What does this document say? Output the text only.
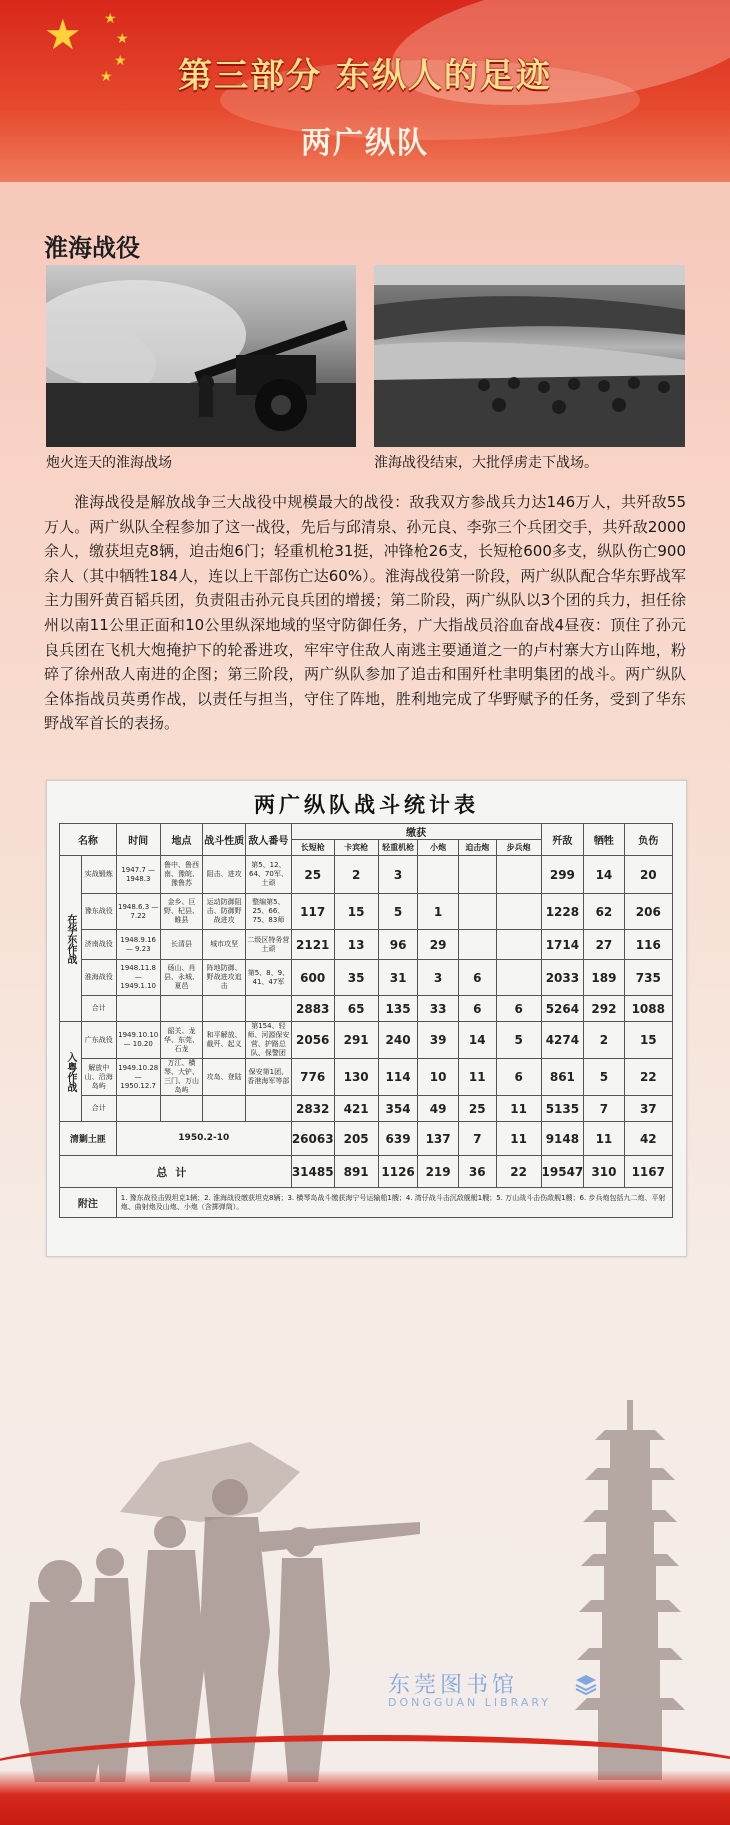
★ ★
★
★
★	第三部分 东纵人的足迹
两广纵队
淮海战役
炮火连天的淮海战场	淮海战役结束，大批俘虏走下战场。
淮海战役是解放战争三大战役中规模最大的战役：敌我双方参战兵力达146万人，共歼敌55万人。两广纵队全程参加了这一战役，先后与邱清泉、孙元良、李弥三个兵团交手，共歼敌2000余人，缴获坦克8辆，迫击炮6门；轻重机枪31挺，冲锋枪26支，长短枪600多支，纵队伤亡900余人（其中牺牲184人，连以上干部伤亡达60%）。淮海战役第一阶段，两广纵队配合华东野战军主力围歼黄百韬兵团，负责阻击孙元良兵团的增援；第二阶段，两广纵队以3个团的兵力，担任徐州以南11公里正面和10公里纵深地域的坚守防御任务，广大指战员浴血奋战4昼夜：顶住了孙元良兵团在飞机大炮掩护下的轮番进攻，牢牢守住敌人南逃主要通道之一的卢村寨大方山阵地，粉碎了徐州敌人南进的企图；第三阶段，两广纵队参加了追击和围歼杜聿明集团的战斗。两广纵队全体指战员英勇作战，以责任与担当，守住了阵地，胜利地完成了华野赋予的任务，受到了华东野战军首长的表扬。
两广纵队战斗统计表
名称		时间	地点	战斗性质	敌人番号	缴获						歼敌	牺牲	负伤
						长短枪	卡宾枪	轻重机枪	小炮	迫击炮	步兵炮			
在华东作战	实战锻炼	1947.7 — 1948.3	鲁中、鲁西南、豫皖、豫鲁苏	阻击、进攻	第5、12、64、70军、土顽	25	2	3				299	14	20
	豫东战役	1948.6.3 — 7.22	金乡、巨野、杞县、睢县	运动防御阻击、防御野战进攻	整编第5、25、66、75、83师	117	15	5	1			1228	62	206
	济南战役	1948.9.16 — 9.23	长清县	城市攻坚	二级区特务营土顽	2121	13	96	29			1714	27	116
	淮海战役	1948.11.8 — 1949.1.10	砀山、肖县、永城、夏邑	阵地防御、野战进攻追击	第5、8、9、41、47军	600	35	31	3	6		2033	189	735
	合计					2883	65	135	33	6	6	5264	292	1088
入粤作战	广东战役	1949.10.10 — 10.20	韶关、龙华、东莞、石龙	和平解放、截歼、起义	第154、轻师、河源保安营、护路总队、保警团	2056	291	240	39	14	5	4274	2	15
	解放中山、沿海岛屿	1949.10.28 — 1950.12.7	万江、横琴、大铲、三门、万山岛屿	攻岛、登陆	保安第1团、香港海军等部	776	130	114	10	11	6	861	5	22
	合计					2832	421	354	49	25	11	5135	7	37
清剿土匪		1950.2-10				26063	205	639	137	7	11	9148	11	42
总计						31485	891	1126	219	36	22	19547	310	1167
附注		1. 豫东战役击毁坦克1辆；2. 淮海战役缴获坦克8辆；3. 横琴岛战斗缴获海宁号运输船1艘；4. 湾仔战斗击沉敌舰艇1艘；5. 万山战斗击伤敌舰1艘；6. 步兵炮包括九二炮、平射炮、曲射炮及山炮、小炮（含掷弹筒）。												
东莞图书馆
DONGGUAN LIBRARY
